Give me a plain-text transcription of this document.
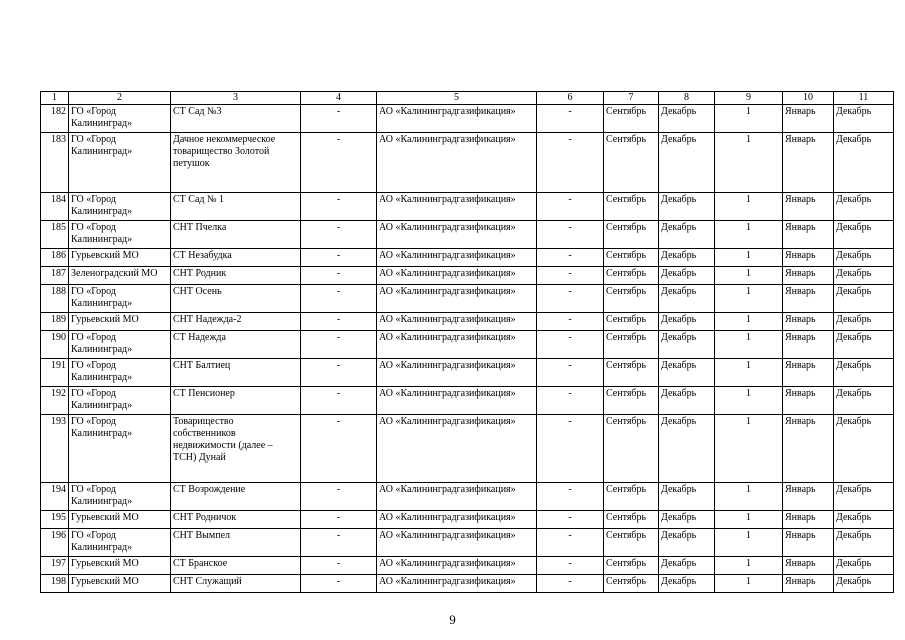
1	2	3	4	5	6	7	8	9	10	11
182	ГО «Город Калининград»	СТ Сад №3	-	АО «Калининградгазификация»	-	Сентябрь	Декабрь	1	Январь	Декабрь
183	ГО «Город Калининград»	Дачное некоммерческое товарищество Золотой петушок	-	АО «Калининградгазификация»	-	Сентябрь	Декабрь	1	Январь	Декабрь
184	ГО «Город Калининград»	СТ Сад № 1	-	АО «Калининградгазификация»	-	Сентябрь	Декабрь	1	Январь	Декабрь
185	ГО «Город Калининград»	СНТ Пчелка	-	АО «Калининградгазификация»	-	Сентябрь	Декабрь	1	Январь	Декабрь
186	Гурьевский МО	СТ Незабудка	-	АО «Калининградгазификация»	-	Сентябрь	Декабрь	1	Январь	Декабрь
187	Зеленоградский МО	СНТ Родник	-	АО «Калининградгазификация»	-	Сентябрь	Декабрь	1	Январь	Декабрь
188	ГО «Город Калининград»	СНТ Осень	-	АО «Калининградгазификация»	-	Сентябрь	Декабрь	1	Январь	Декабрь
189	Гурьевский МО	СНТ Надежда-2	-	АО «Калининградгазификация»	-	Сентябрь	Декабрь	1	Январь	Декабрь
190	ГО «Город Калининград»	СТ Надежда	-	АО «Калининградгазификация»	-	Сентябрь	Декабрь	1	Январь	Декабрь
191	ГО «Город Калининград»	СНТ Балтиец	-	АО «Калининградгазификация»	-	Сентябрь	Декабрь	1	Январь	Декабрь
192	ГО «Город Калининград»	СТ Пенсионер	-	АО «Калининградгазификация»	-	Сентябрь	Декабрь	1	Январь	Декабрь
193	ГО «Город Калининград»	Товарищество собственников недвижимости (далее – ТСН) Дунай	-	АО «Калининградгазификация»	-	Сентябрь	Декабрь	1	Январь	Декабрь
194	ГО «Город Калининград»	СТ Возрождение	-	АО «Калининградгазификация»	-	Сентябрь	Декабрь	1	Январь	Декабрь
195	Гурьевский МО	СНТ Родничок	-	АО «Калининградгазификация»	-	Сентябрь	Декабрь	1	Январь	Декабрь
196	ГО «Город Калининград»	СНТ Вымпел	-	АО «Калининградгазификация»	-	Сентябрь	Декабрь	1	Январь	Декабрь
197	Гурьевский МО	СТ Бранское	-	АО «Калининградгазификация»	-	Сентябрь	Декабрь	1	Январь	Декабрь
198	Гурьевский МО	СНТ Служащий	-	АО «Калининградгазификация»	-	Сентябрь	Декабрь	1	Январь	Декабрь
9
